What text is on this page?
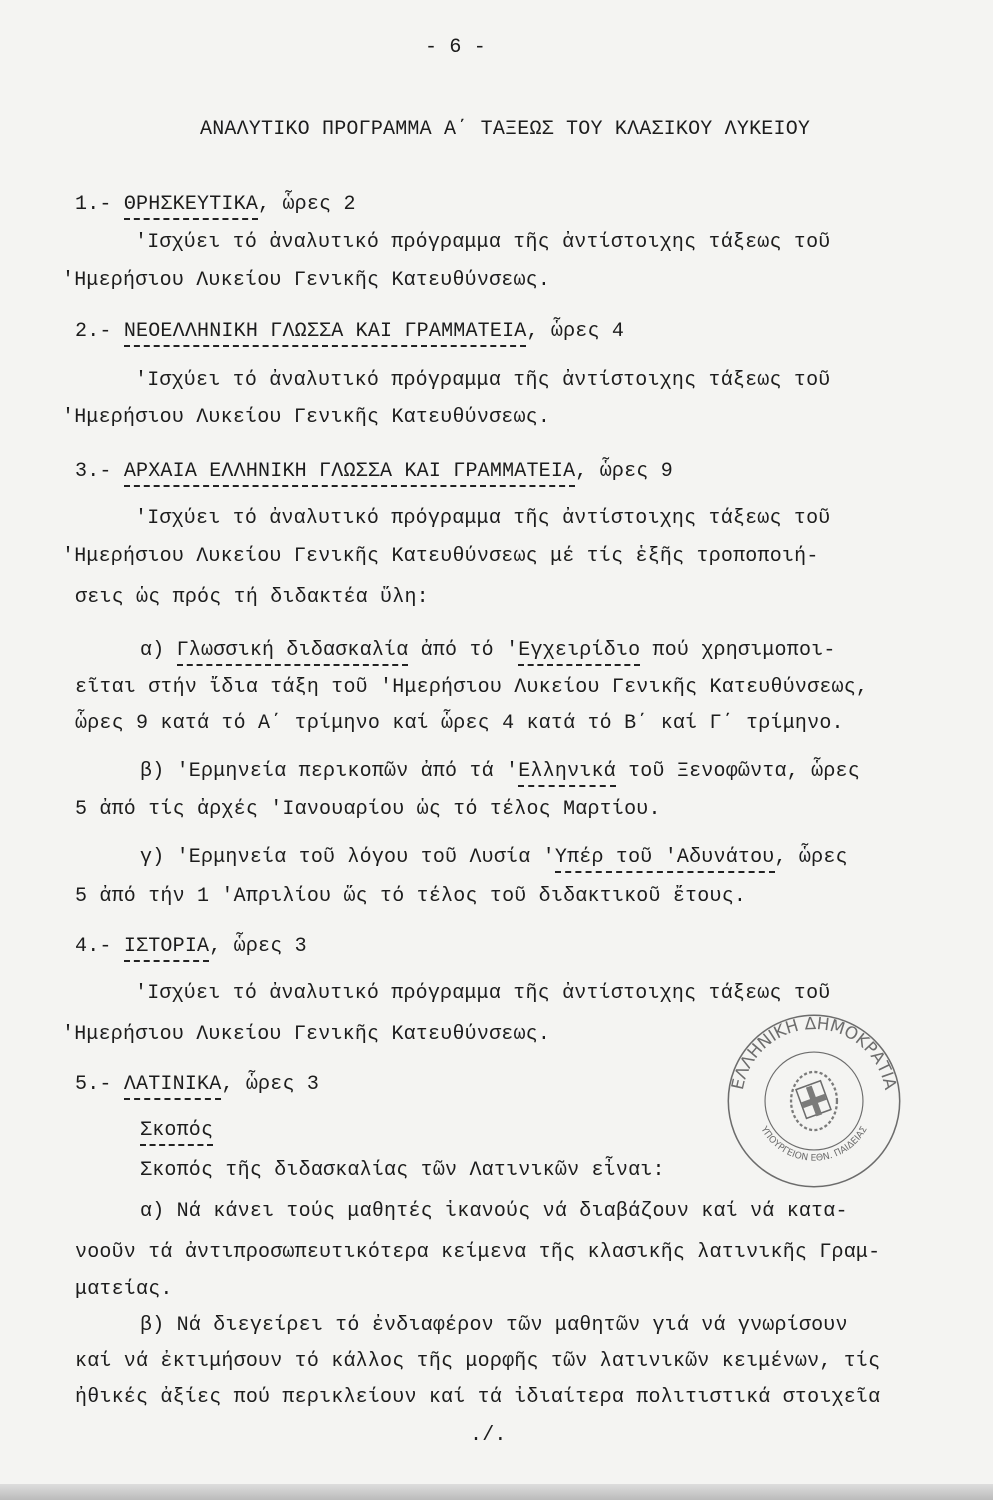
- 6 -
ΑΝΑΛΥΤΙΚΟ ΠΡΟΓΡΑΜΜΑ Α΄ ΤΑΞΕΩΣ ΤΟΥ ΚΛΑΣΙΚΟΥ ΛΥΚΕΙΟΥ
1.- ΘΡΗΣΚΕΥΤΙΚΑ, ὧρες 2
'Ισχύει τό ἀναλυτικό πρόγραμμα τῆς ἀντίστοιχης τάξεως τοῦ
'Ημερήσιου Λυκείου Γενικῆς Κατευθύνσεως.
2.- ΝΕΟΕΛΛΗΝΙΚΗ ΓΛΩΣΣΑ ΚΑΙ ΓΡΑΜΜΑΤΕΙΑ, ὧρες 4
'Ισχύει τό ἀναλυτικό πρόγραμμα τῆς ἀντίστοιχης τάξεως τοῦ
'Ημερήσιου Λυκείου Γενικῆς Κατευθύνσεως.
3.- ΑΡΧΑΙΑ ΕΛΛΗΝΙΚΗ ΓΛΩΣΣΑ ΚΑΙ ΓΡΑΜΜΑΤΕΙΑ, ὧρες 9
'Ισχύει τό ἀναλυτικό πρόγραμμα τῆς ἀντίστοιχης τάξεως τοῦ
'Ημερήσιου Λυκείου Γενικῆς Κατευθύνσεως μέ τίς ἑξῆς τροποποιή-
σεις ὡς πρός τή διδακτέα ὕλη:
α) Γλωσσική διδασκαλία ἀπό τό 'Εγχειρίδιο πού χρησιμοποι-
εῖται στήν ἴδια τάξη τοῦ 'Ημερήσιου Λυκείου Γενικῆς Κατευθύνσεως,
ὧρες 9 κατά τό Α΄ τρίμηνο καί ὧρες 4 κατά τό Β΄ καί Γ΄ τρίμηνο.
β) 'Ερμηνεία περικοπῶν ἀπό τά 'Ελληνικά τοῦ Ξενοφῶντα, ὧρες
5 ἀπό τίς ἀρχές 'Ιανουαρίου ὡς τό τέλος Μαρτίου.
γ) 'Ερμηνεία τοῦ λόγου τοῦ Λυσία 'Υπέρ τοῦ 'Αδυνάτου, ὧρες
5 ἀπό τήν 1 'Απριλίου ὥς τό τέλος τοῦ διδακτικοῦ ἔτους.
4.- ΙΣΤΟΡΙΑ, ὧρες 3
'Ισχύει τό ἀναλυτικό πρόγραμμα τῆς ἀντίστοιχης τάξεως τοῦ
'Ημερήσιου Λυκείου Γενικῆς Κατευθύνσεως.
5.- ΛΑΤΙΝΙΚΑ, ὧρες 3
Σκοπός
Σκοπός τῆς διδασκαλίας τῶν Λατινικῶν εἶναι:
α) Νά κάνει τούς μαθητές ἱκανούς νά διαβάζουν καί νά κατα-
νοοῦν τά ἀντιπροσωπευτικότερα κείμενα τῆς κλασικῆς λατινικῆς Γραμ-
ματείας.
β) Νά διεγείρει τό ἐνδιαφέρον τῶν μαθητῶν γιά νά γνωρίσουν
καί νά ἐκτιμήσουν τό κάλλος τῆς μορφῆς τῶν λατινικῶν κειμένων, τίς
ἠθικές ἀξίες πού περικλείουν καί τά ἰδιαίτερα πολιτιστικά στοιχεῖα
./.
ΕΛΛΗΝΙΚΗ ΔΗΜΟΚΡΑΤΙΑ
ΥΠΟΥΡΓΕΙΟΝ ΕΘΝ. ΠΑΙΔΕΙΑΣ
